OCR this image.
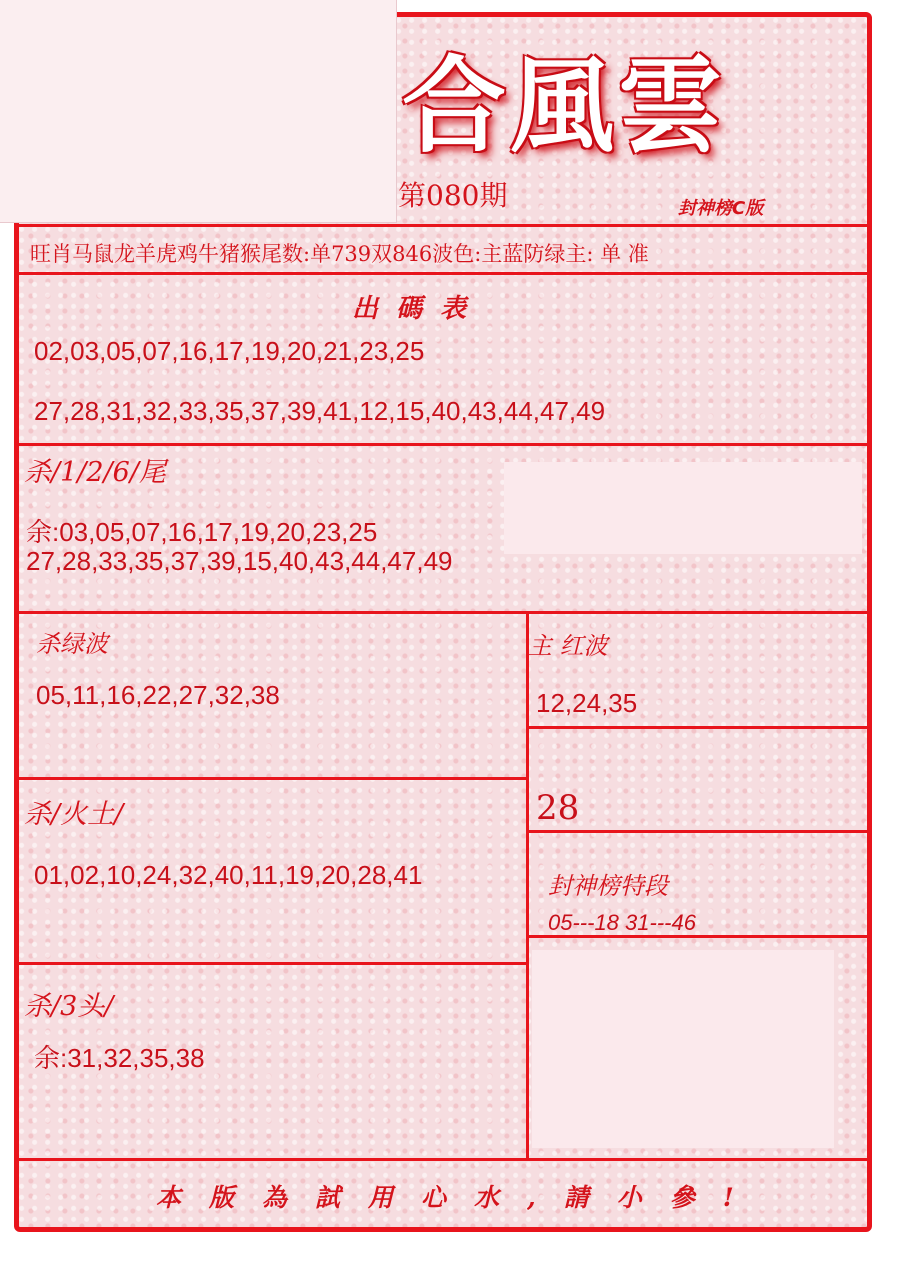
合風雲
第080期	封神榜C版
旺肖马鼠龙羊虎鸡牛猪猴尾数:单739双846波色:主蓝防绿主: 单 准
出碼表
02,03,05,07,16,17,19,20,21,23,25
27,28,31,32,33,35,37,39,41,12,15,40,43,44,47,49
杀/1/2/6/尾
余:03,05,07,16,17,19,20,23,25
27,28,33,35,37,39,15,40,43,44,47,49
杀绿波
05,11,16,22,27,32,38
主 红波
12,24,35
28
杀/火土/
01,02,10,24,32,40,11,19,20,28,41	封神榜特段
05---18 31---46
杀/3头/
余:31,32,35,38
本版為試用心水,請小參!
